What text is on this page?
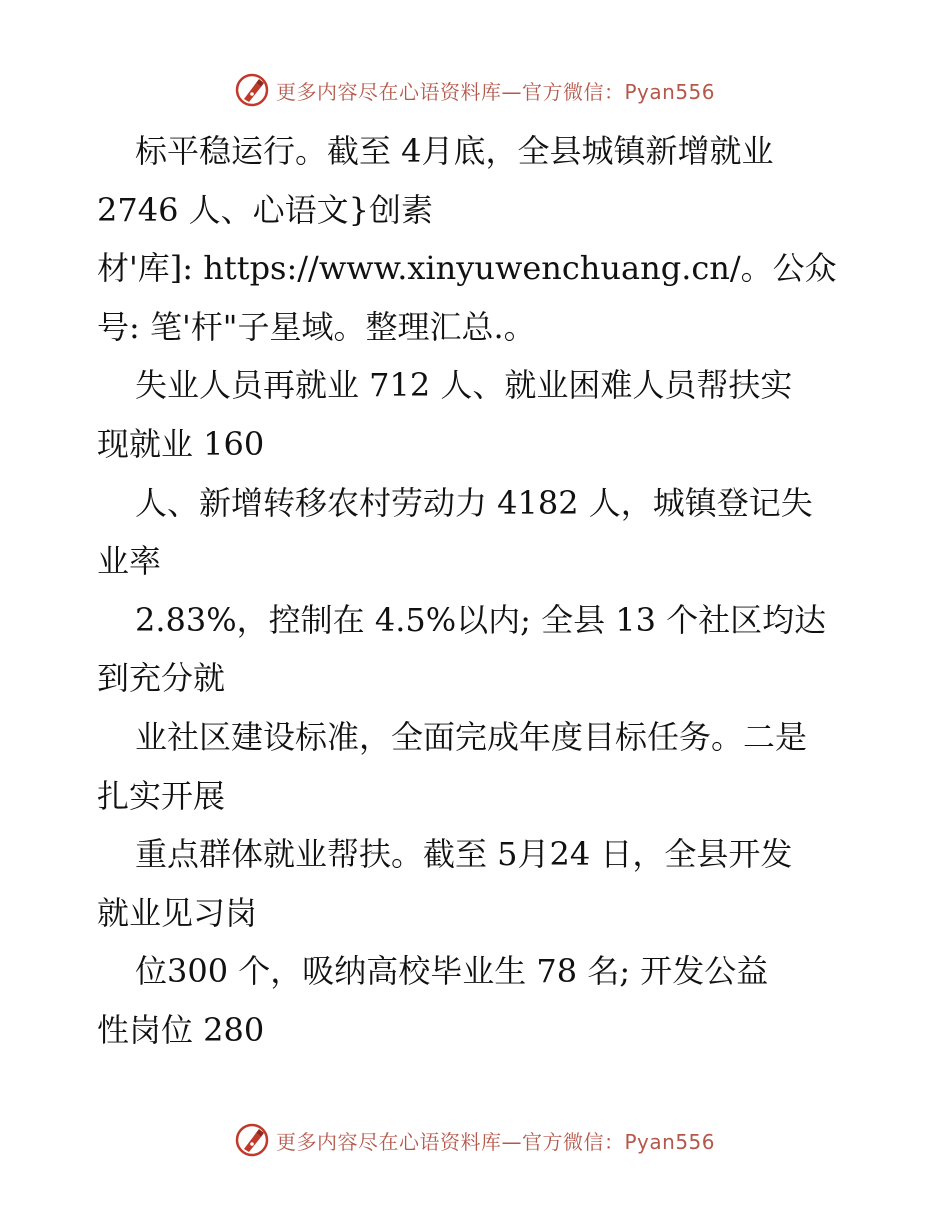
更多内容尽在心语资料库—官方微信：Pyan556
标平稳运行。截至 4月底，全县城镇新增就业
2746 人、心语文}创素
材'库]: https://www.xinyuwenchuang.cn/。公众
号: 笔'杆"子星域。整理汇总.。
失业人员再就业 712 人、就业困难人员帮扶实
现就业 160
人、新增转移农村劳动力 4182 人，城镇登记失
业率
2.83%，控制在 4.5%以内; 全县 13 个社区均达
到充分就
业社区建设标准，全面完成年度目标任务。二是
扎实开展
重点群体就业帮扶。截至 5月24 日，全县开发
就业见习岗
位300 个，吸纳高校毕业生 78 名; 开发公益
性岗位 280
更多内容尽在心语资料库—官方微信：Pyan556
